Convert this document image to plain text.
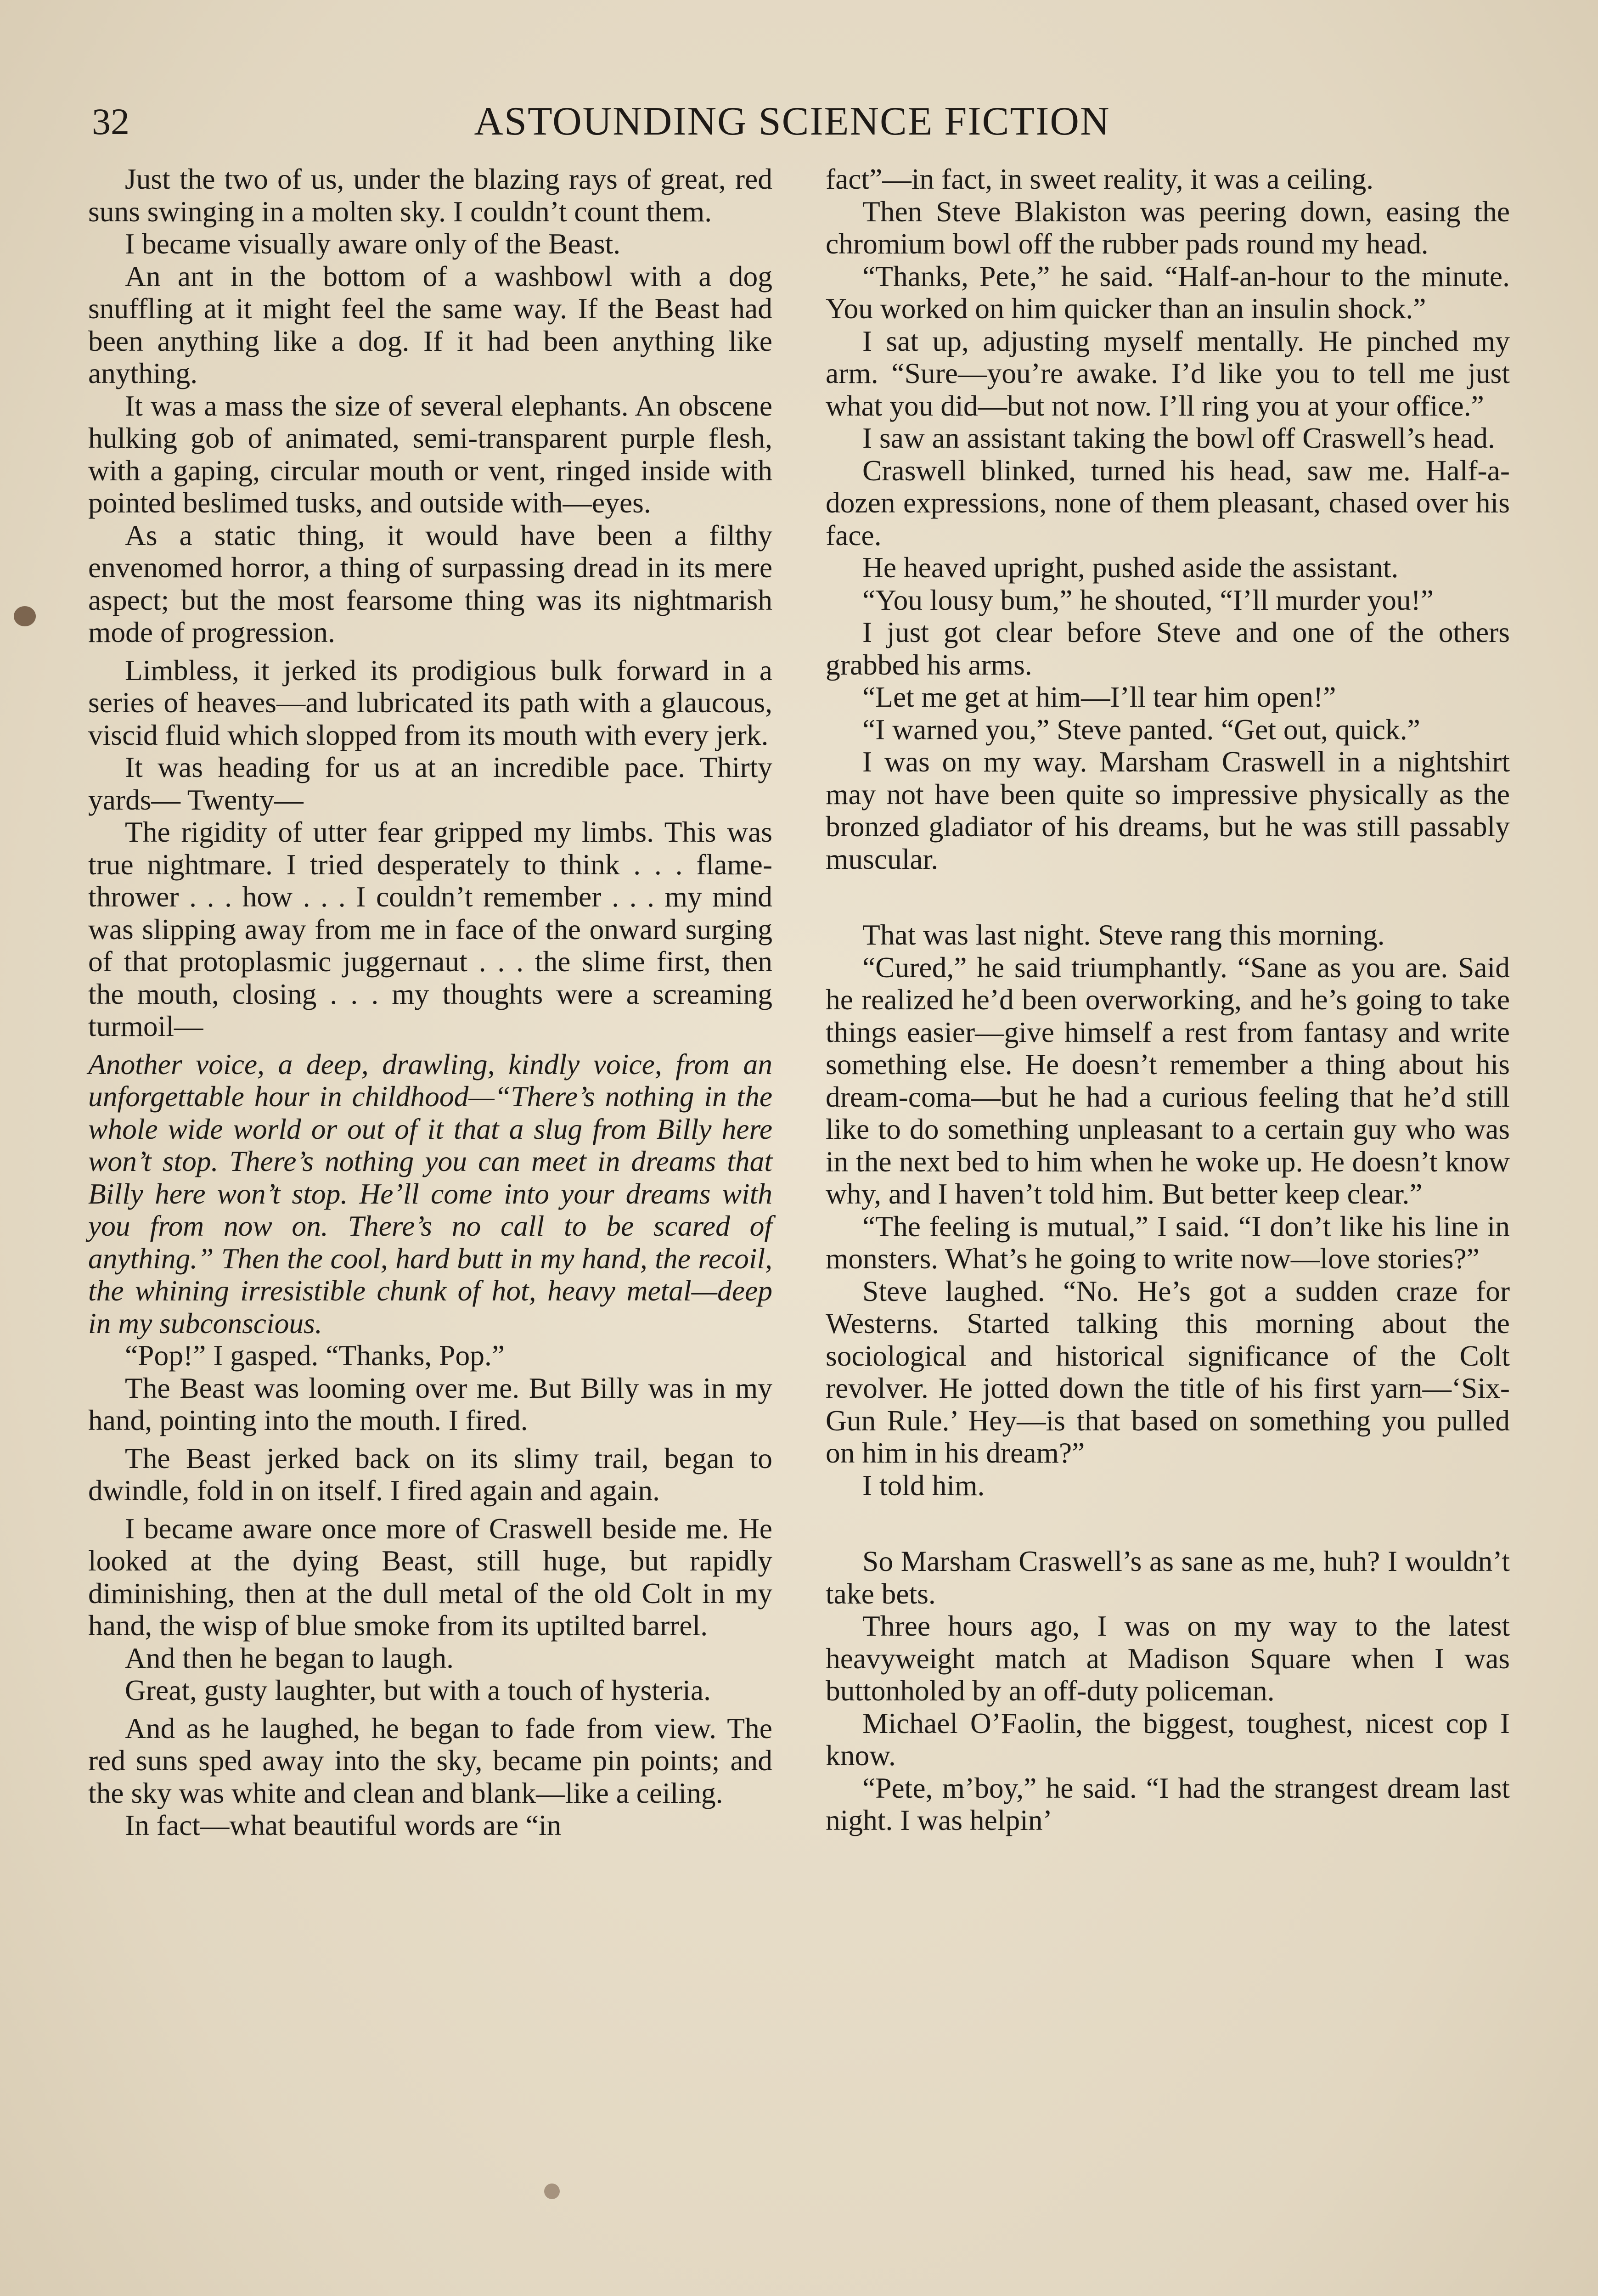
32	ASTOUNDING SCIENCE FICTION

Just the two of us, under the blazing rays of great, red suns swinging in a molten sky. I couldn’t count them.

I became visually aware only of the Beast.

An ant in the bottom of a washbowl with a dog snuffling at it might feel the same way. If the Beast had been anything like a dog. If it had been anything like anything.

It was a mass the size of several elephants. An obscene hulking gob of animated, semi-transparent purple flesh, with a gaping, circular mouth or vent, ringed inside with pointed beslimed tusks, and outside with—eyes.

As a static thing, it would have been a filthy envenomed horror, a thing of surpassing dread in its mere aspect; but the most fearsome thing was its nightmarish mode of progression.

Limbless, it jerked its prodigious bulk forward in a series of heaves—and lubricated its path with a glaucous, viscid fluid which slopped from its mouth with every jerk.

It was heading for us at an incredible pace. Thirty yards— Twenty—

The rigidity of utter fear gripped my limbs. This was true nightmare. I tried desperately to think . . . flame-thrower . . . how . . . I couldn’t remember . . . my mind was slipping away from me in face of the onward surging of that protoplasmic juggernaut . . . the slime first, then the mouth, closing . . . my thoughts were a screaming turmoil—

Another voice, a deep, drawling, kindly voice, from an unforgettable hour in childhood—“There’s nothing in the whole wide world or out of it that a slug from Billy here won’t stop. There’s nothing you can meet in dreams that Billy here won’t stop. He’ll come into your dreams with you from now on. There’s no call to be scared of anything.” Then the cool, hard butt in my hand, the recoil, the whining irresistible chunk of hot, heavy metal—deep in my subconscious.

“Pop!” I gasped. “Thanks, Pop.”

The Beast was looming over me. But Billy was in my hand, pointing into the mouth. I fired.

The Beast jerked back on its slimy trail, began to dwindle, fold in on itself. I fired again and again.

I became aware once more of Craswell beside me. He looked at the dying Beast, still huge, but rapidly diminishing, then at the dull metal of the old Colt in my hand, the wisp of blue smoke from its uptilted barrel.

And then he began to laugh.

Great, gusty laughter, but with a touch of hysteria.

And as he laughed, he began to fade from view. The red suns sped away into the sky, became pin points; and the sky was white and clean and blank—like a ceiling.

In fact—what beautiful words are “in

fact”—in fact, in sweet reality, it was a ceiling.

Then Steve Blakiston was peering down, easing the chromium bowl off the rubber pads round my head.

“Thanks, Pete,” he said. “Half-an-hour to the minute. You worked on him quicker than an insulin shock.”

I sat up, adjusting myself mentally. He pinched my arm. “Sure—you’re awake. I’d like you to tell me just what you did—but not now. I’ll ring you at your office.”

I saw an assistant taking the bowl off Craswell’s head.

Craswell blinked, turned his head, saw me. Half-a-dozen expressions, none of them pleasant, chased over his face.

He heaved upright, pushed aside the assistant.

“You lousy bum,” he shouted, “I’ll murder you!”

I just got clear before Steve and one of the others grabbed his arms.

“Let me get at him—I’ll tear him open!”

“I warned you,” Steve panted. “Get out, quick.”

I was on my way. Marsham Craswell in a nightshirt may not have been quite so impressive physically as the bronzed gladiator of his dreams, but he was still passably muscular.

That was last night. Steve rang this morning.

“Cured,” he said triumphantly. “Sane as you are. Said he realized he’d been overworking, and he’s going to take things easier—give himself a rest from fantasy and write something else. He doesn’t remember a thing about his dream-coma—but he had a curious feeling that he’d still like to do something unpleasant to a certain guy who was in the next bed to him when he woke up. He doesn’t know why, and I haven’t told him. But better keep clear.”

“The feeling is mutual,” I said. “I don’t like his line in monsters. What’s he going to write now—love stories?”

Steve laughed. “No. He’s got a sudden craze for Westerns. Started talking this morning about the sociological and historical significance of the Colt revolver. He jotted down the title of his first yarn—‘Six-Gun Rule.’ Hey—is that based on something you pulled on him in his dream?”

I told him.

So Marsham Craswell’s as sane as me, huh? I wouldn’t take bets.

Three hours ago, I was on my way to the latest heavyweight match at Madison Square when I was buttonholed by an off-duty policeman.

Michael O’Faolin, the biggest, toughest, nicest cop I know.

“Pete, m’boy,” he said. “I had the strangest dream last night. I was helpin’
